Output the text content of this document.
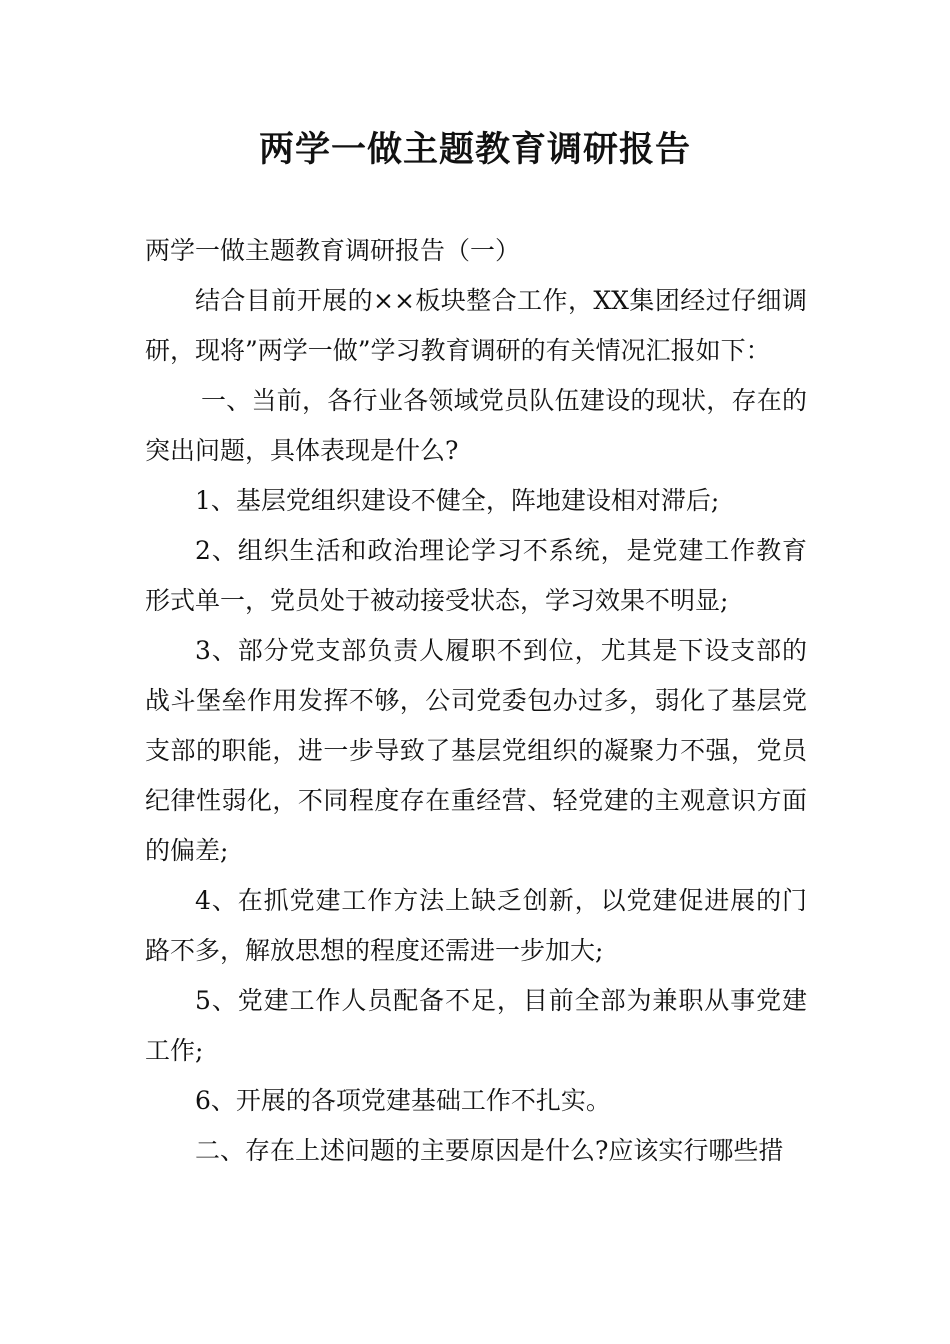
两学一做主题教育调研报告

两学一做主题教育调研报告（一）

结合目前开展的××板块整合工作，XX集团经过仔细调研，现将”两学一做”学习教育调研的有关情况汇报如下：

一、当前，各行业各领域党员队伍建设的现状，存在的突出问题，具体表现是什么?

1、基层党组织建设不健全，阵地建设相对滞后;

2、组织生活和政治理论学习不系统，是党建工作教育形式单一，党员处于被动接受状态，学习效果不明显;

3、部分党支部负责人履职不到位，尤其是下设支部的战斗堡垒作用发挥不够，公司党委包办过多，弱化了基层党支部的职能，进一步导致了基层党组织的凝聚力不强，党员纪律性弱化，不同程度存在重经营、轻党建的主观意识方面的偏差;

4、在抓党建工作方法上缺乏创新，以党建促进展的门路不多，解放思想的程度还需进一步加大;

5、党建工作人员配备不足，目前全部为兼职从事党建工作;

6、开展的各项党建基础工作不扎实。

二、存在上述问题的主要原因是什么?应该实行哪些措
